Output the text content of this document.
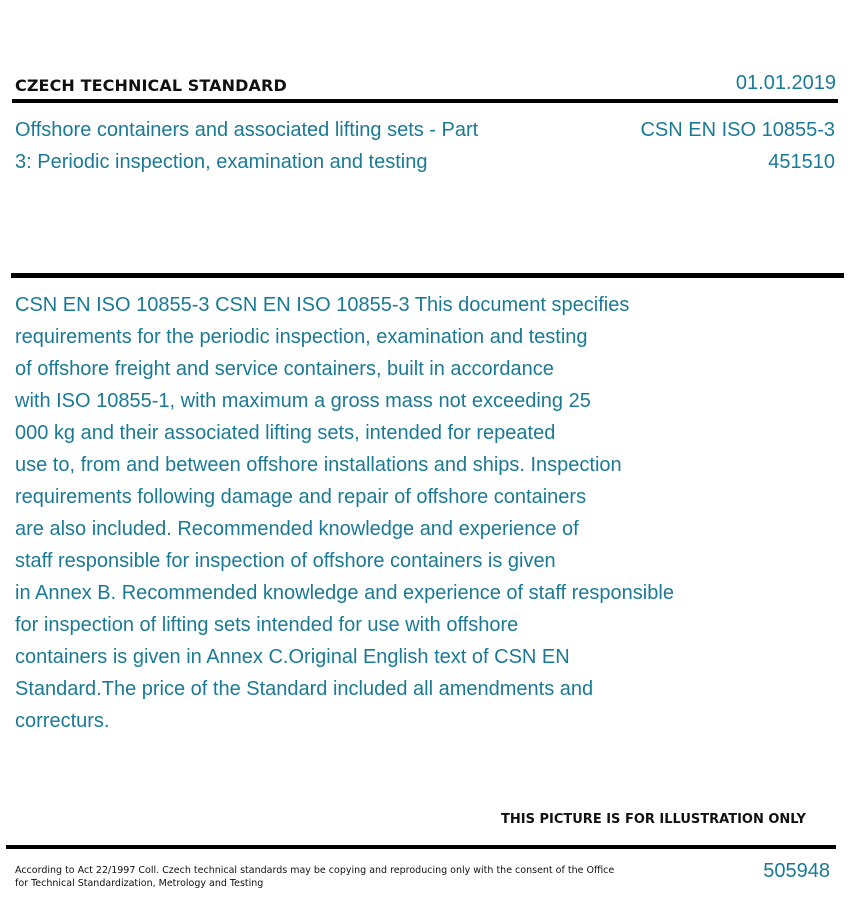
CZECH TECHNICAL STANDARD	01.01.2019
Offshore containers and associated lifting sets - Part
3: Periodic inspection, examination and testing
CSN EN ISO 10855-3
451510
CSN EN ISO 10855-3 CSN EN ISO 10855-3 This document specifies
requirements for the periodic inspection, examination and testing
of offshore freight and service containers, built in accordance
with ISO 10855-1, with maximum a gross mass not exceeding 25
000 kg and their associated lifting sets, intended for repeated
use to, from and between offshore installations and ships. Inspection
requirements following damage and repair of offshore containers
are also included. Recommended knowledge and experience of
staff responsible for inspection of offshore containers is given
in Annex B. Recommended knowledge and experience of staff responsible
for inspection of lifting sets intended for use with offshore
containers is given in Annex C.Original English text of CSN EN
Standard.The price of the Standard included all amendments and
correcturs.
THIS PICTURE IS FOR ILLUSTRATION ONLY
According to Act 22/1997 Coll. Czech technical standards may be copying and reproducing only with the consent of the Office
for Technical Standardization, Metrology and Testing
505948
